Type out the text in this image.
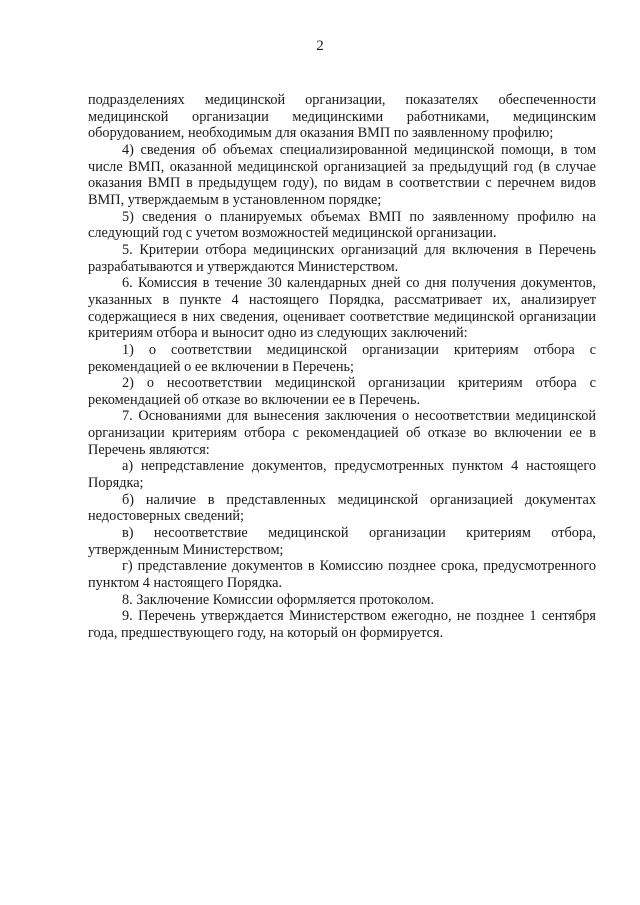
2

подразделениях медицинской организации, показателях обеспеченности медицинской организации медицинскими работниками, медицинским оборудованием, необходимым для оказания ВМП по заявленному профилю;

4) сведения об объемах специализированной медицинской помощи, в том числе ВМП, оказанной медицинской организацией за предыдущий год (в случае оказания ВМП в предыдущем году), по видам в соответствии с перечнем видов ВМП, утверждаемым в установленном порядке;

5) сведения о планируемых объемах ВМП по заявленному профилю на следующий год с учетом возможностей медицинской организации.

5. Критерии отбора медицинских организаций для включения в Перечень разрабатываются и утверждаются Министерством.

6. Комиссия в течение 30 календарных дней со дня получения документов, указанных в пункте 4 настоящего Порядка, рассматривает их, анализирует содержащиеся в них сведения, оценивает соответствие медицинской организации критериям отбора и выносит одно из следующих заключений:

1) о соответствии медицинской организации критериям отбора с рекомендацией о ее включении в Перечень;

2) о несоответствии медицинской организации критериям отбора с рекомендацией об отказе во включении ее в Перечень.

7. Основаниями для вынесения заключения о несоответствии медицинской организации критериям отбора с рекомендацией об отказе во включении ее в Перечень являются:

а) непредставление документов, предусмотренных пунктом 4 настоящего Порядка;

б) наличие в представленных медицинской организацией документах недостоверных сведений;

в) несоответствие медицинской организации критериям отбора, утвержденным Министерством;

г) представление документов в Комиссию позднее срока, предусмотренного пунктом 4 настоящего Порядка.

8. Заключение Комиссии оформляется протоколом.

9. Перечень утверждается Министерством ежегодно, не позднее 1 сентября года, предшествующего году, на который он формируется.
